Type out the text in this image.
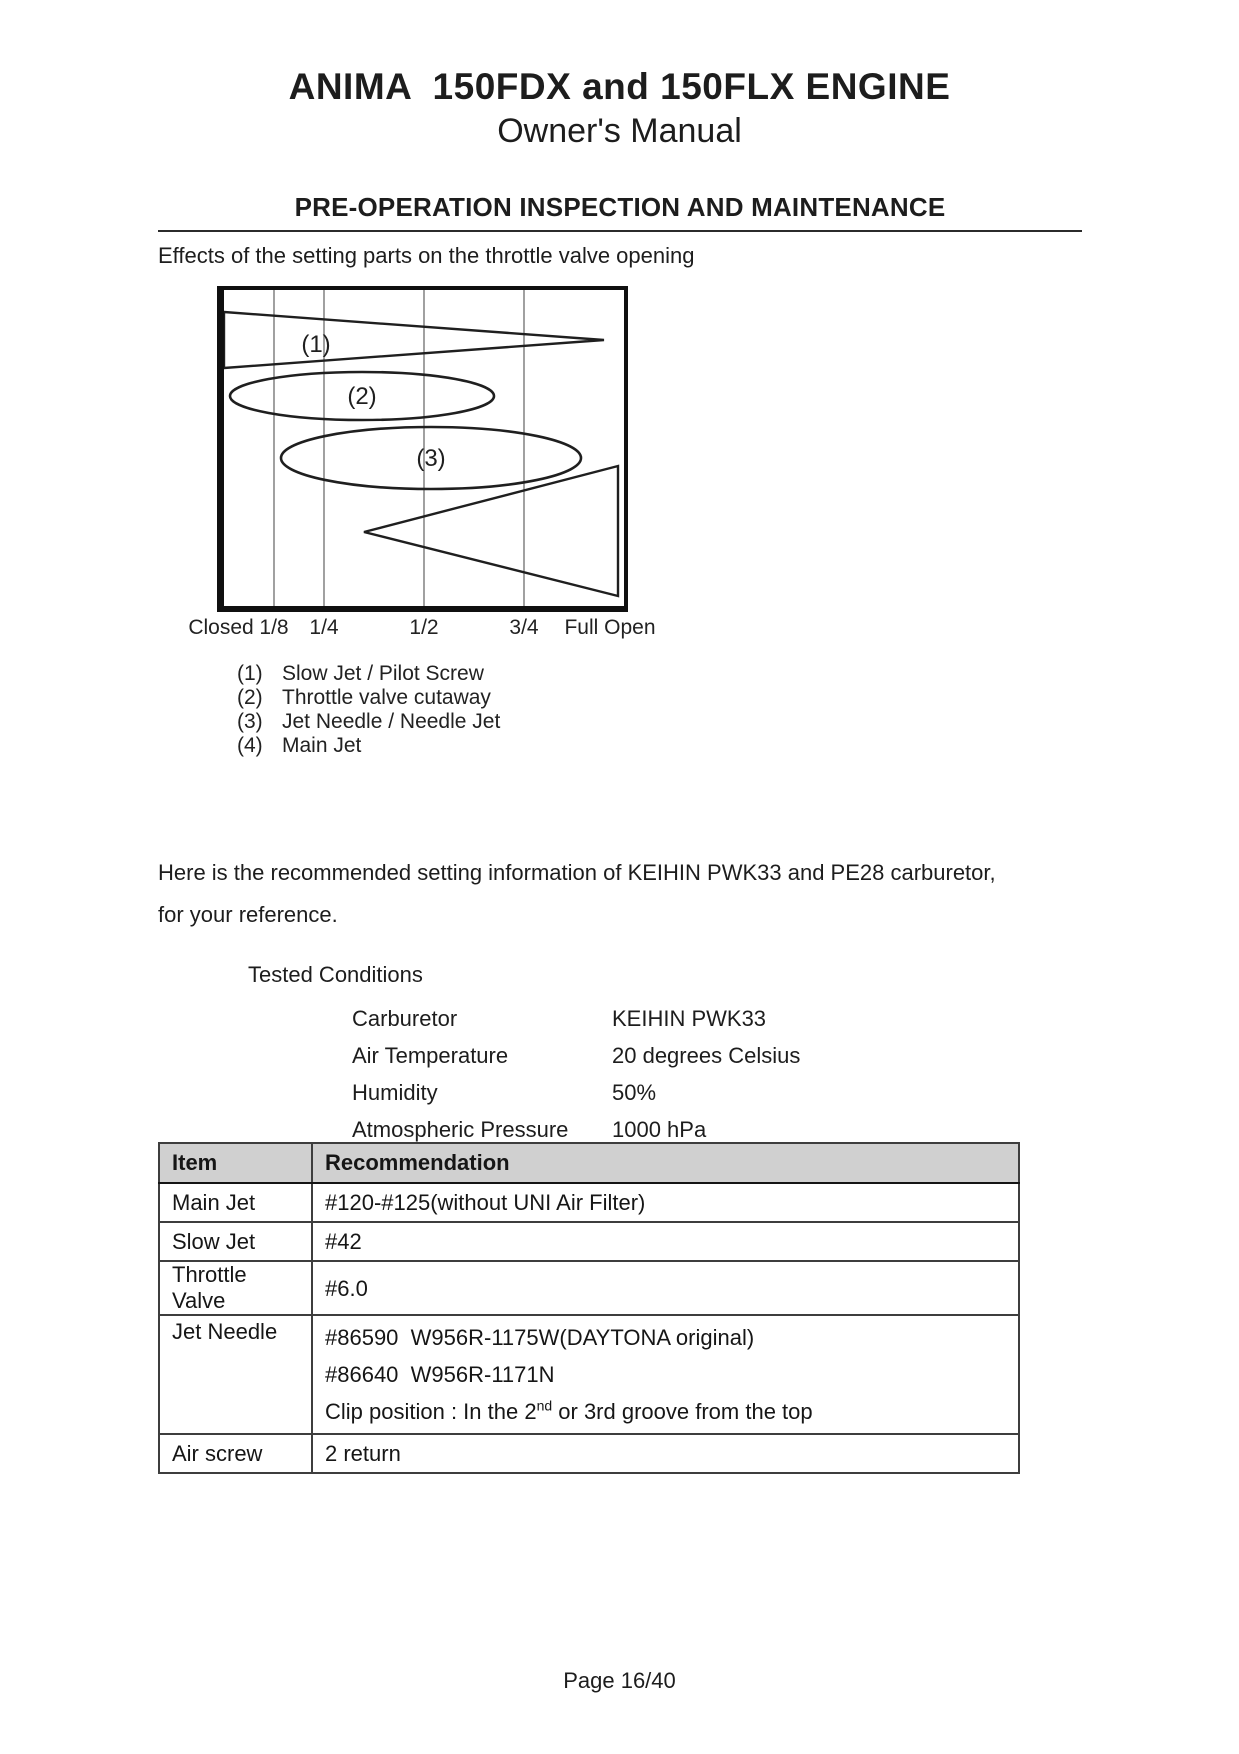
ANIMA  150FDX and 150FLX ENGINE
Owner's Manual
PRE-OPERATION INSPECTION AND MAINTENANCE
Effects of the setting parts on the throttle valve opening
(1)
(2)
(3)
Closed 1/8 1/4	1/2	3/4 Full Open
(1) Slow Jet / Pilot Screw
(2) Throttle valve cutaway
(3) Jet Needle / Needle Jet
(4) Main Jet
Here is the recommended setting information of KEIHIN PWK33 and PE28 carburetor,
for your reference.
Tested Conditions
Carburetor	KEIHIN PWK33
Air Temperature	20 degrees Celsius
Humidity	50%
Atmospheric Pressure	1000 hPa
Item	Recommendation
Main Jet	#120-#125(without UNI Air Filter)

Slow Jet	#42

Throttle Valve	#6.0

Jet Needle	#86590  W956R-1175W(DAYTONA original)
#86640  W956R-1171N
Clip position : In the 2nd or 3rd groove from the top

Air screw	2 return
Page 16/40
